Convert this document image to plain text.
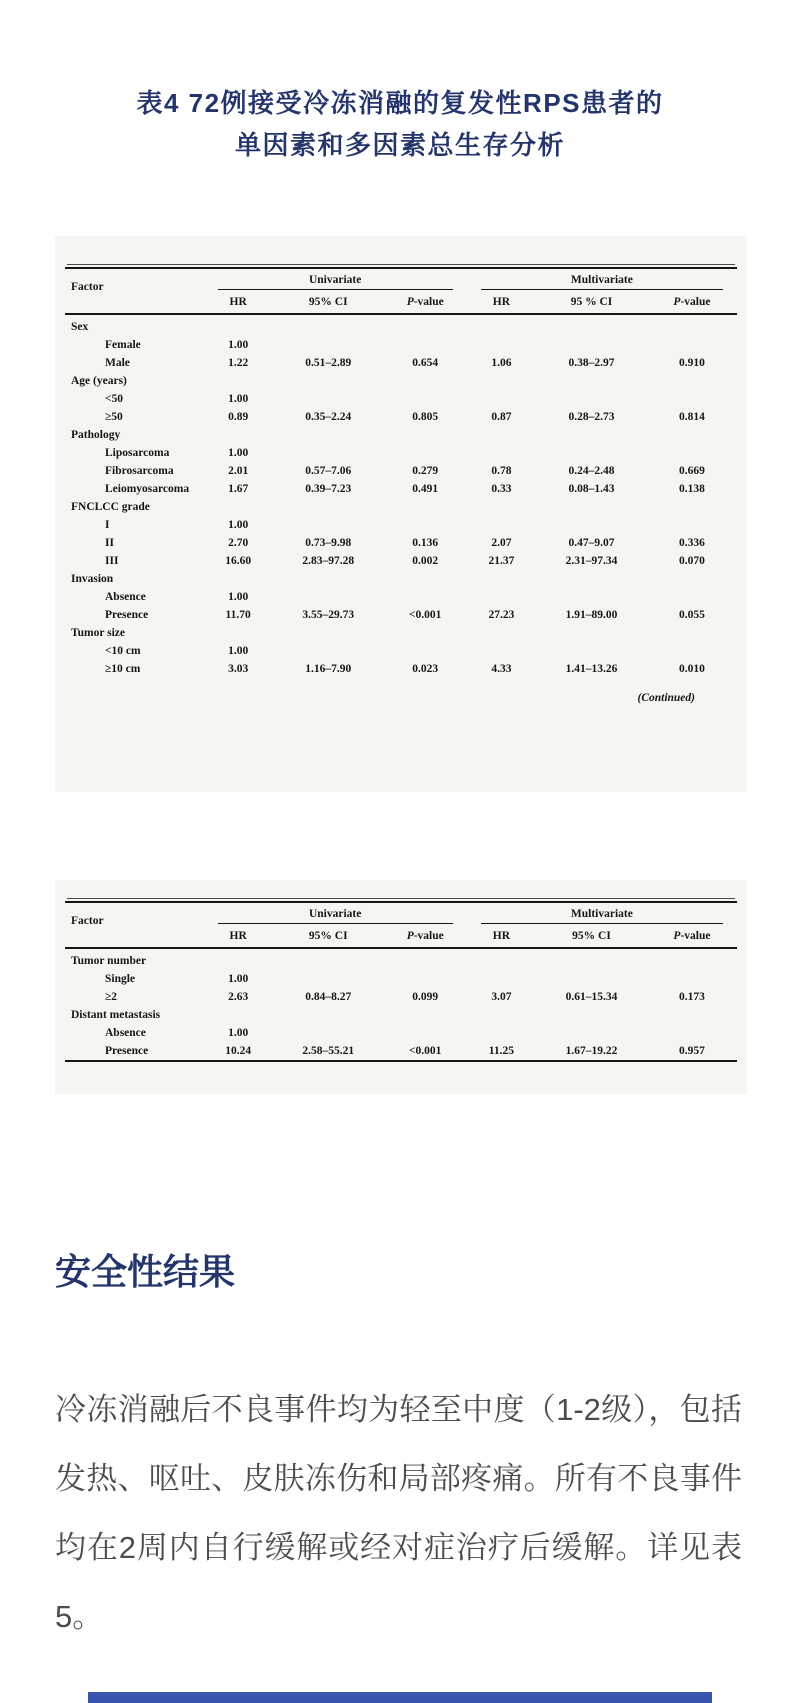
表4 72例接受冷冻消融的复发性RPS患者的
单因素和多因素总生存分析
Factor	Univariate			Multivariate		

	HR	95% CI	P-value	HR	95 % CI	P-value
Sex						
Female	1.00					
Male	1.22	0.51–2.89	0.654	1.06	0.38–2.97	0.910
Age (years)						
<50	1.00					
≥50	0.89	0.35–2.24	0.805	0.87	0.28–2.73	0.814
Pathology						
Liposarcoma	1.00					
Fibrosarcoma	2.01	0.57–7.06	0.279	0.78	0.24–2.48	0.669
Leiomyosarcoma	1.67	0.39–7.23	0.491	0.33	0.08–1.43	0.138
FNCLCC grade						
I	1.00					
II	2.70	0.73–9.98	0.136	2.07	0.47–9.07	0.336
III	16.60	2.83–97.28	0.002	21.37	2.31–97.34	0.070
Invasion						
Absence	1.00					
Presence	11.70	3.55–29.73	<0.001	27.23	1.91–89.00	0.055
Tumor size						
<10 cm	1.00					
≥10 cm	3.03	1.16–7.90	0.023	4.33	1.41–13.26	0.010
(Continued)
Factor	Univariate			Multivariate		

	HR	95% CI	P-value	HR	95% CI	P-value
Tumor number						
Single	1.00					
≥2	2.63	0.84–8.27	0.099	3.07	0.61–15.34	0.173
Distant metastasis						
Absence	1.00					
Presence	10.24	2.58–55.21	<0.001	11.25	1.67–19.22	0.957
安全性结果

冷冻消融后不良事件均为轻至中度（1-2级），包括发热、呕吐、皮肤冻伤和局部疼痛。所有不良事件均在2周内自行缓解或经对症治疗后缓解。详见表5。
